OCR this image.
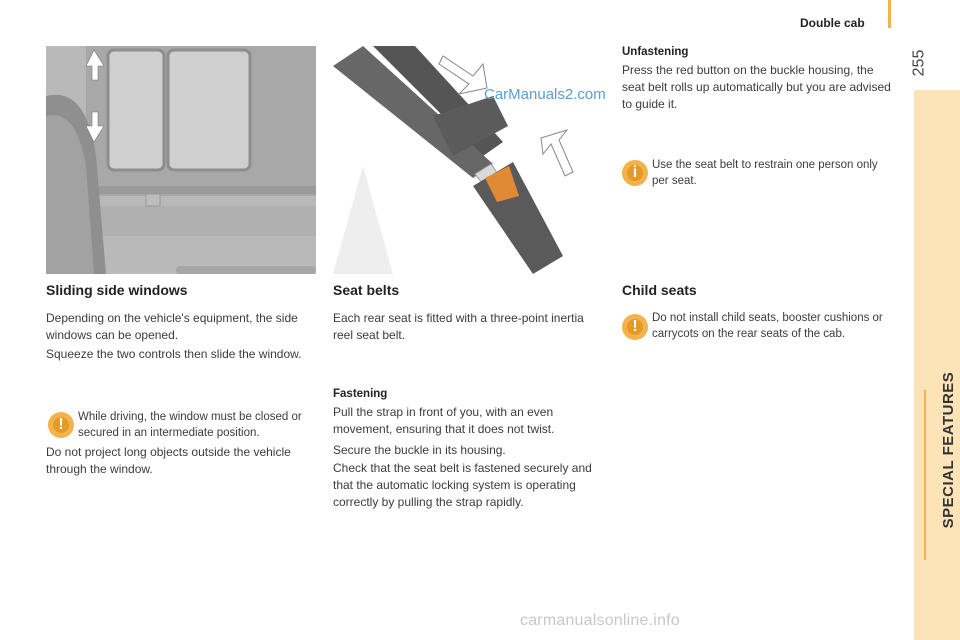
Double cab
255
SPECIAL FEATURES
CarManuals2.com
Sliding side windows

Depending on the vehicle's equipment, the side windows can be opened.

Squeeze the two controls then slide the window.

!	While driving, the window must be closed or secured in an intermediate position.

Do not project long objects outside the vehicle through the window.

Seat belts

Each rear seat is fitted with a three-point inertia reel seat belt.

Fastening

Pull the strap in front of you, with an even movement, ensuring that it does not twist.

Secure the buckle in its housing.

Check that the seat belt is fastened securely and that the automatic locking system is operating correctly by pulling the strap rapidly.

Unfastening

Press the red button on the buckle housing, the seat belt rolls up automatically but you are advised to guide it.

i	Use the seat belt to restrain one person only per seat.

Child seats
!	Do not install child seats, booster cushions or carrycots on the rear seats of the cab.

carmanualsonline.info
